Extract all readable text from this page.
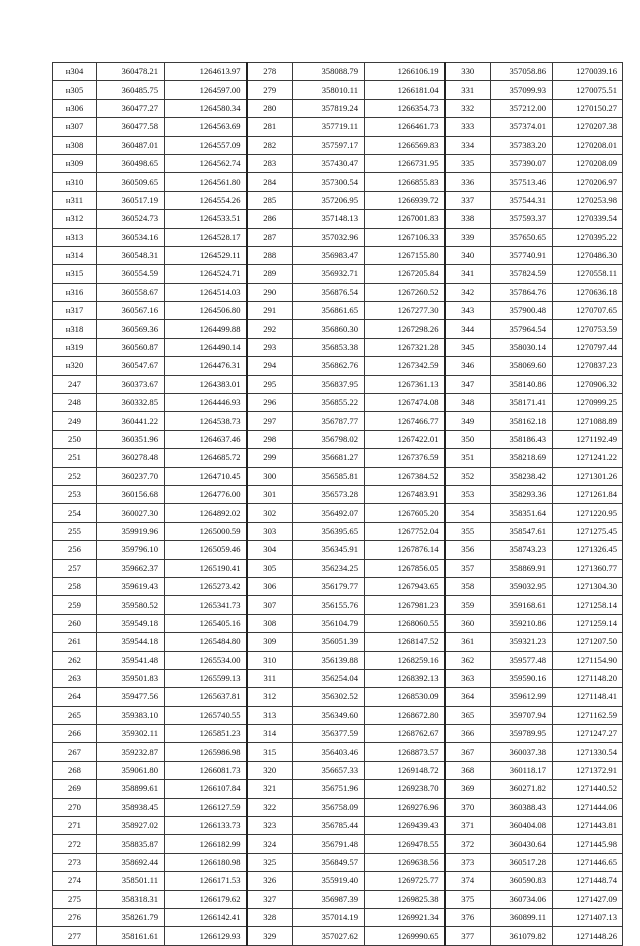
н304	360478.21	1264613.97	278	358088.79	1266106.19	330	357058.86	1270039.16
н305	360485.75	1264597.00	279	358010.11	1266181.04	331	357099.93	1270075.51
н306	360477.27	1264580.34	280	357819.24	1266354.73	332	357212.00	1270150.27
н307	360477.58	1264563.69	281	357719.11	1266461.73	333	357374.01	1270207.38
н308	360487.01	1264557.09	282	357597.17	1266569.83	334	357383.20	1270208.01
н309	360498.65	1264562.74	283	357430.47	1266731.95	335	357390.07	1270208.09
н310	360509.65	1264561.80	284	357300.54	1266855.83	336	357513.46	1270206.97
н311	360517.19	1264554.26	285	357206.95	1266939.72	337	357544.31	1270253.98
н312	360524.73	1264533.51	286	357148.13	1267001.83	338	357593.37	1270339.54
н313	360534.16	1264528.17	287	357032.96	1267106.33	339	357650.65	1270395.22
н314	360548.31	1264529.11	288	356983.47	1267155.80	340	357740.91	1270486.30
н315	360554.59	1264524.71	289	356932.71	1267205.84	341	357824.59	1270558.11
н316	360558.67	1264514.03	290	356876.54	1267260.52	342	357864.76	1270636.18
н317	360567.16	1264506.80	291	356861.65	1267277.30	343	357900.48	1270707.65
н318	360569.36	1264499.88	292	356860.30	1267298.26	344	357964.54	1270753.59
н319	360560.87	1264490.14	293	356853.38	1267321.28	345	358030.14	1270797.44
н320	360547.67	1264476.31	294	356862.76	1267342.59	346	358069.60	1270837.23
247	360373.67	1264383.01	295	356837.95	1267361.13	347	358140.86	1270906.32
248	360332.85	1264446.93	296	356855.22	1267474.08	348	358171.41	1270999.25
249	360441.22	1264538.73	297	356787.77	1267466.77	349	358162.18	1271088.89
250	360351.96	1264637.46	298	356798.02	1267422.01	350	358186.43	1271192.49
251	360278.48	1264685.72	299	356681.27	1267376.59	351	358218.69	1271241.22
252	360237.70	1264710.45	300	356585.81	1267384.52	352	358238.42	1271301.26
253	360156.68	1264776.00	301	356573.28	1267483.91	353	358293.36	1271261.84
254	360027.30	1264892.02	302	356492.07	1267605.20	354	358351.64	1271220.95
255	359919.96	1265000.59	303	356395.65	1267752.04	355	358547.61	1271275.45
256	359796.10	1265059.46	304	356345.91	1267876.14	356	358743.23	1271326.45
257	359662.37	1265190.41	305	356234.25	1267856.05	357	358869.91	1271360.77
258	359619.43	1265273.42	306	356179.77	1267943.65	358	359032.95	1271304.30
259	359580.52	1265341.73	307	356155.76	1267981.23	359	359168.61	1271258.14
260	359549.18	1265405.16	308	356104.79	1268060.55	360	359210.86	1271259.14
261	359544.18	1265484.80	309	356051.39	1268147.52	361	359321.23	1271207.50
262	359541.48	1265534.00	310	356139.88	1268259.16	362	359577.48	1271154.90
263	359501.83	1265599.13	311	356254.04	1268392.13	363	359590.16	1271148.20
264	359477.56	1265637.81	312	356302.52	1268530.09	364	359612.99	1271148.41
265	359383.10	1265740.55	313	356349.60	1268672.80	365	359707.94	1271162.59
266	359302.11	1265851.23	314	356377.59	1268762.67	366	359789.95	1271247.27
267	359232.87	1265986.98	315	356403.46	1268873.57	367	360037.38	1271330.54
268	359061.80	1266081.73	320	356657.33	1269148.72	368	360118.17	1271372.91
269	358899.61	1266107.84	321	356751.96	1269238.70	369	360271.82	1271440.52
270	358938.45	1266127.59	322	356758.09	1269276.96	370	360388.43	1271444.06
271	358927.02	1266133.73	323	356785.44	1269439.43	371	360404.08	1271443.81
272	358835.87	1266182.99	324	356791.48	1269478.55	372	360430.64	1271445.98
273	358692.44	1266180.98	325	356849.57	1269638.56	373	360517.28	1271446.65
274	358501.11	1266171.53	326	355919.40	1269725.77	374	360590.83	1271448.74
275	358318.31	1266179.62	327	356987.39	1269825.38	375	360734.06	1271427.09
276	358261.79	1266142.41	328	357014.19	1269921.34	376	360899.11	1271407.13
277	358161.61	1266129.93	329	357027.62	1269990.65	377	361079.82	1271448.26
